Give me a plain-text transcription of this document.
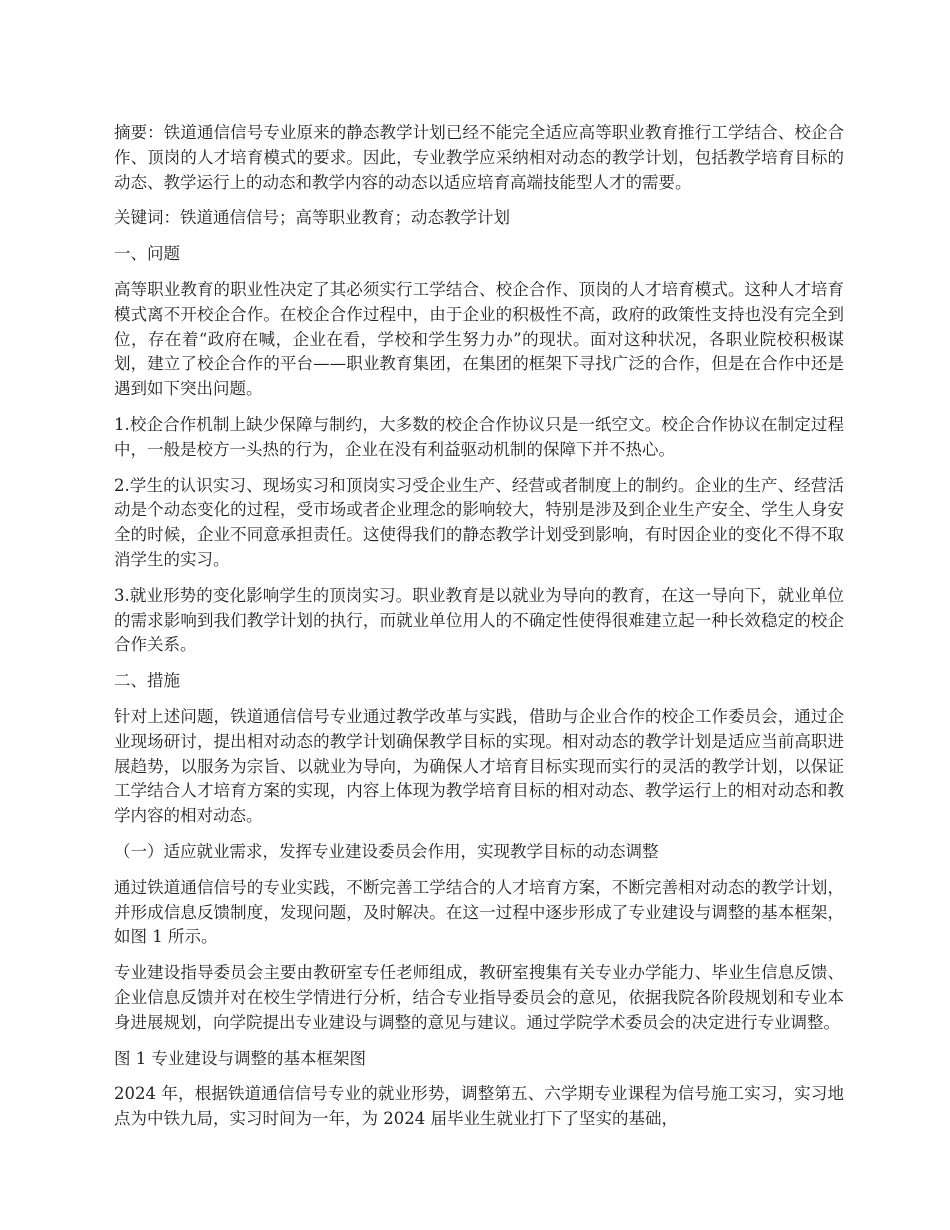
摘要：铁道通信信号专业原来的静态教学计划已经不能完全适应高等职业教育推行工学结合、校企合作、顶岗的人才培育模式的要求。因此，专业教学应采纳相对动态的教学计划，包括教学培育目标的动态、教学运行上的动态和教学内容的动态以适应培育高端技能型人才的需要。

关键词：铁道通信信号；高等职业教育；动态教学计划

一、问题

高等职业教育的职业性决定了其必须实行工学结合、校企合作、顶岗的人才培育模式。这种人才培育模式离不开校企合作。在校企合作过程中，由于企业的积极性不高，政府的政策性支持也没有完全到位，存在着“政府在喊，企业在看，学校和学生努力办”的现状。面对这种状况，各职业院校积极谋划，建立了校企合作的平台——职业教育集团，在集团的框架下寻找广泛的合作，但是在合作中还是遇到如下突出问题。

1.校企合作机制上缺少保障与制约，大多数的校企合作协议只是一纸空文。校企合作协议在制定过程中，一般是校方一头热的行为，企业在没有利益驱动机制的保障下并不热心。

2.学生的认识实习、现场实习和顶岗实习受企业生产、经营或者制度上的制约。企业的生产、经营活动是个动态变化的过程，受市场或者企业理念的影响较大，特别是涉及到企业生产安全、学生人身安全的时候，企业不同意承担责任。这使得我们的静态教学计划受到影响，有时因企业的变化不得不取消学生的实习。

3.就业形势的变化影响学生的顶岗实习。职业教育是以就业为导向的教育，在这一导向下，就业单位的需求影响到我们教学计划的执行，而就业单位用人的不确定性使得很难建立起一种长效稳定的校企合作关系。

二、措施

针对上述问题，铁道通信信号专业通过教学改革与实践，借助与企业合作的校企工作委员会，通过企业现场研讨，提出相对动态的教学计划确保教学目标的实现。相对动态的教学计划是适应当前高职进展趋势，以服务为宗旨、以就业为导向，为确保人才培育目标实现而实行的灵活的教学计划，以保证工学结合人才培育方案的实现，内容上体现为教学培育目标的相对动态、教学运行上的相对动态和教学内容的相对动态。

（一）适应就业需求，发挥专业建设委员会作用，实现教学目标的动态调整

通过铁道通信信号的专业实践，不断完善工学结合的人才培育方案，不断完善相对动态的教学计划，并形成信息反馈制度，发现问题，及时解决。在这一过程中逐步形成了专业建设与调整的基本框架，如图 1 所示。

专业建设指导委员会主要由教研室专任老师组成，教研室搜集有关专业办学能力、毕业生信息反馈、企业信息反馈并对在校生学情进行分析，结合专业指导委员会的意见，依据我院各阶段规划和专业本身进展规划，向学院提出专业建设与调整的意见与建议。通过学院学术委员会的决定进行专业调整。

图 1 专业建设与调整的基本框架图

2024 年，根据铁道通信信号专业的就业形势，调整第五、六学期专业课程为信号施工实习，实习地点为中铁九局，实习时间为一年，为 2024 届毕业生就业打下了坚实的基础，
